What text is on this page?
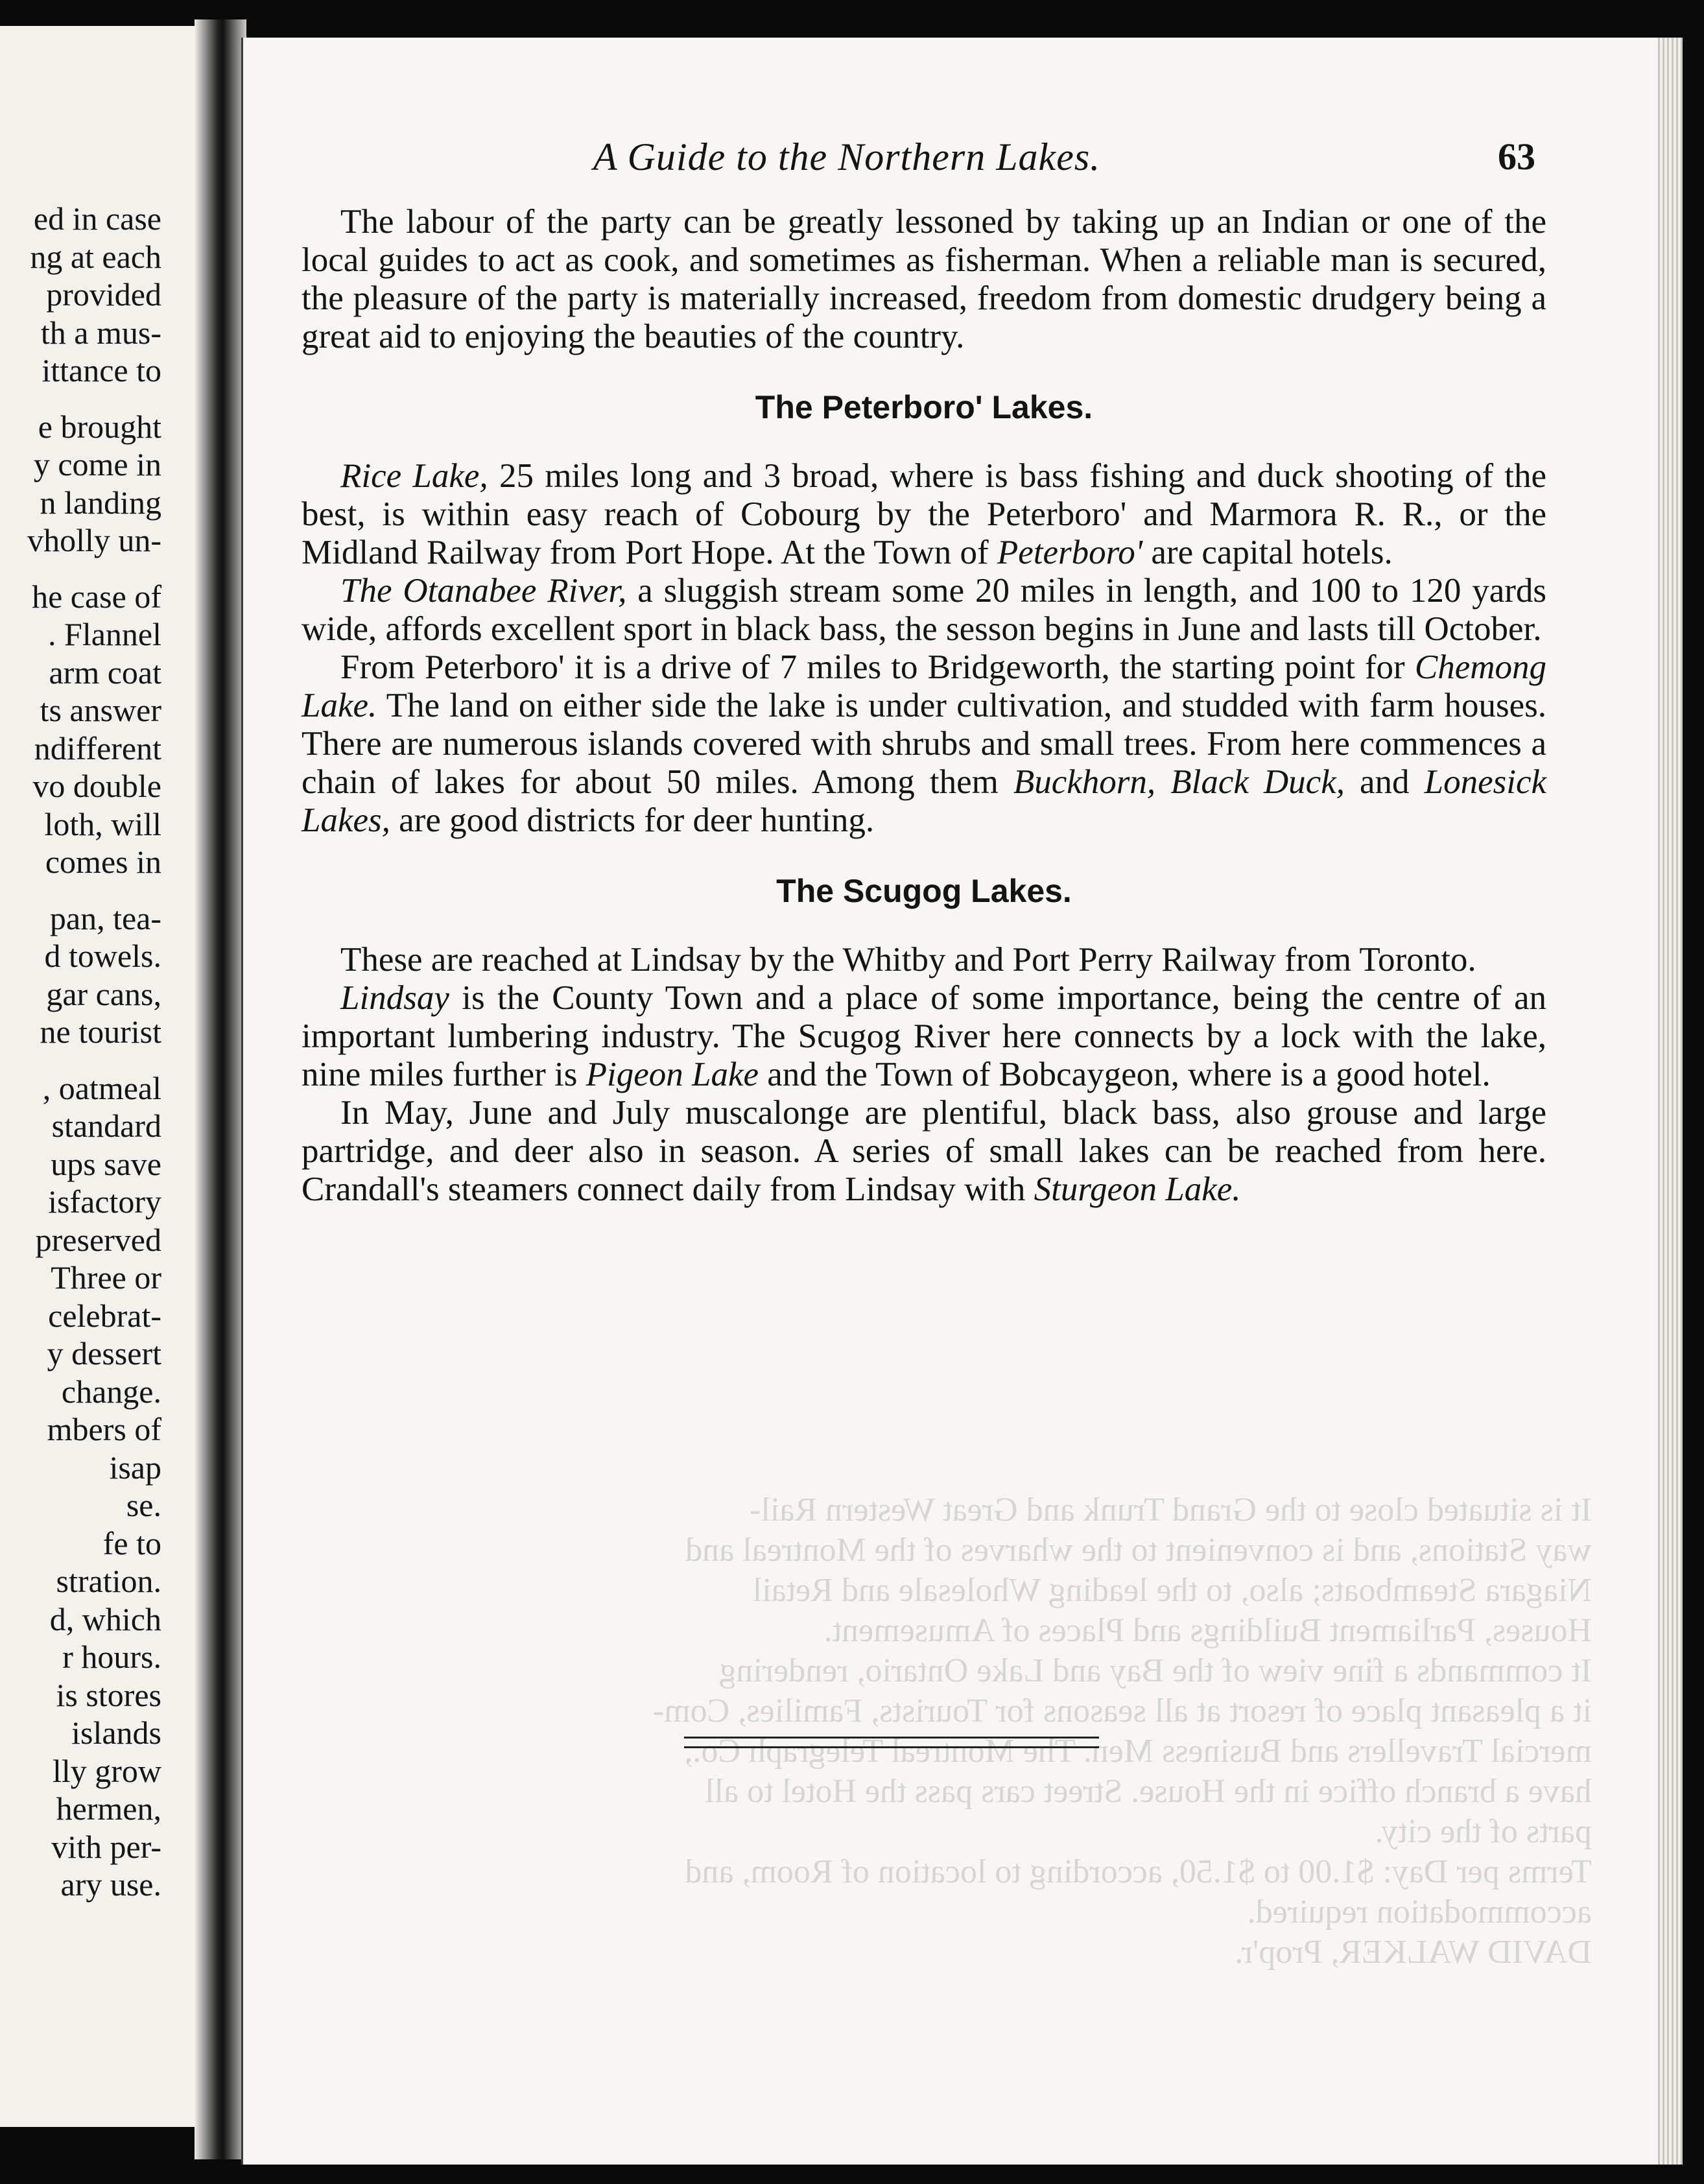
ed in case
ng at each
provided
th a mus-
ittance to
e brought
y come in
n landing
vholly un-
he case of
. Flannel
arm coat
ts answer
ndifferent
vo double
loth, will
comes in
pan, tea-
d towels.
gar cans,
ne tourist
, oatmeal
standard
ups save
isfactory
preserved
Three or
celebrat-
y dessert
change.
mbers of
isap
se.
fe to
stration.
d, which
r hours.
is stores
islands
lly grow
hermen,
vith per-
ary use.
It is situated close to the Grand Trunk and Great Western Rail-
way Stations, and is convenient to the wharves of the Montreal and
Niagara Steamboats; also, to the leading Wholesale and Retail
Houses, Parliament Buildings and Places of Amusement.
It commands a fine view of the Bay and Lake Ontario, rendering
it a pleasant place of resort at all seasons for Tourists, Families, Com-
mercial Travellers and Business Men. The Montreal Telegraph Co.,
have a branch office in the House. Street cars pass the Hotel to all
parts of the city.
Terms per Day: $1.00 to $1.50, according to location of Room, and
accommodation required.
DAVID WALKER, Prop'r.
A Guide to the Northern Lakes.	63

The labour of the party can be greatly lessoned by taking up an Indian or one of the local guides to act as cook, and sometimes as fisherman. When a reliable man is secured, the pleasure of the party is materially increased, freedom from domestic drudgery being a great aid to enjoying the beauties of the country.

The Peterboro' Lakes.

Rice Lake, 25 miles long and 3 broad, where is bass fishing and duck shooting of the best, is within easy reach of Cobourg by the Peterboro' and Marmora R. R., or the Midland Railway from Port Hope. At the Town of Peterboro' are capital hotels.

The Otanabee River, a sluggish stream some 20 miles in length, and 100 to 120 yards wide, affords excellent sport in black bass, the sesson begins in June and lasts till October.

From Peterboro' it is a drive of 7 miles to Bridgeworth, the starting point for Chemong Lake. The land on either side the lake is under cultivation, and studded with farm houses. There are numerous islands covered with shrubs and small trees. From here commences a chain of lakes for about 50 miles. Among them Buckhorn, Black Duck, and Lonesick Lakes, are good districts for deer hunting.

The Scugog Lakes.

These are reached at Lindsay by the Whitby and Port Perry Railway from Toronto.

Lindsay is the County Town and a place of some importance, being the centre of an important lumbering industry. The Scugog River here connects by a lock with the lake, nine miles further is Pigeon Lake and the Town of Bobcaygeon, where is a good hotel.

In May, June and July muscalonge are plentiful, black bass, also grouse and large partridge, and deer also in season. A series of small lakes can be reached from here. Crandall's steamers connect daily from Lindsay with Sturgeon Lake.
